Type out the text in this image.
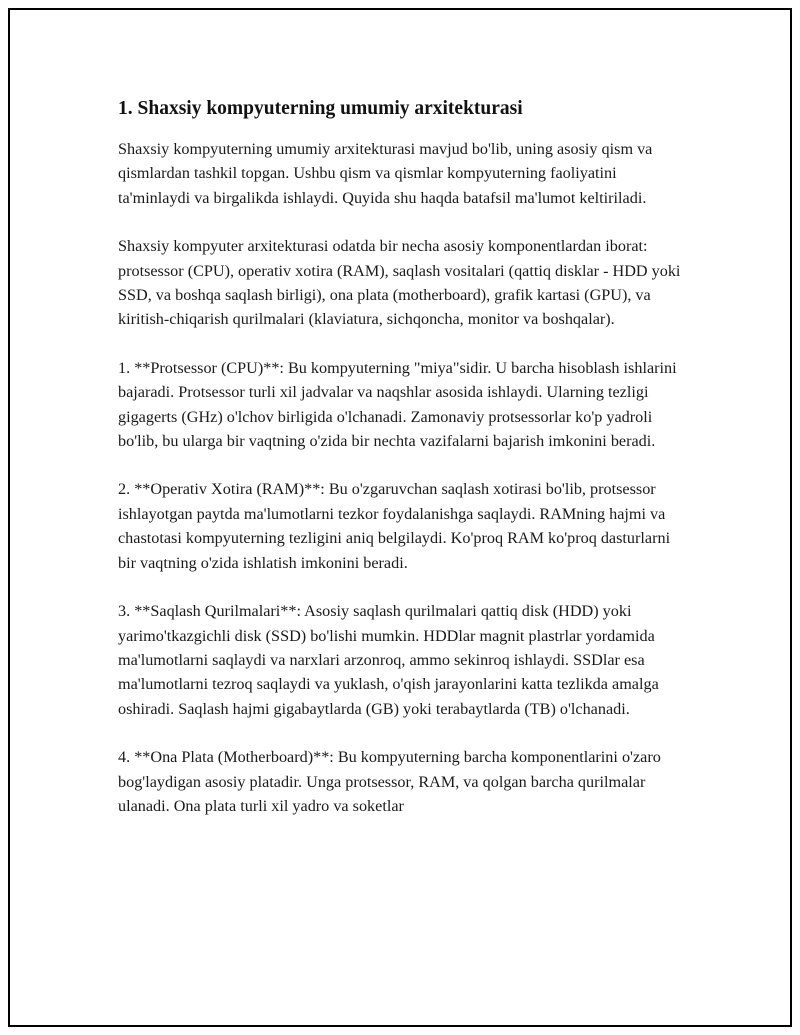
1. Shaxsiy kompyuterning umumiy arxitekturasi

Shaxsiy kompyuterning umumiy arxitekturasi mavjud bo'lib, uning asosiy qism va qismlardan tashkil topgan. Ushbu qism va qismlar kompyuterning faoliyatini ta'minlaydi va birgalikda ishlaydi. Quyida shu haqda batafsil ma'lumot keltiriladi.

Shaxsiy kompyuter arxitekturasi odatda bir necha asosiy komponentlardan iborat: protsessor (CPU), operativ xotira (RAM), saqlash vositalari (qattiq disklar - HDD yoki SSD, va boshqa saqlash birligi), ona plata (motherboard), grafik kartasi (GPU), va kiritish-chiqarish qurilmalari (klaviatura, sichqoncha, monitor va boshqalar).

1. **Protsessor (CPU)**: Bu kompyuterning "miya"sidir. U barcha hisoblash ishlarini bajaradi. Protsessor turli xil jadvalar va naqshlar asosida ishlaydi. Ularning tezligi gigagerts (GHz) o'lchov birligida o'lchanadi. Zamonaviy protsessorlar ko'p yadroli bo'lib, bu ularga bir vaqtning o'zida bir nechta vazifalarni bajarish imkonini beradi.

2. **Operativ Xotira (RAM)**: Bu o'zgaruvchan saqlash xotirasi bo'lib, protsessor ishlayotgan paytda ma'lumotlarni tezkor foydalanishga saqlaydi. RAMning hajmi va chastotasi kompyuterning tezligini aniq belgilaydi. Ko'proq RAM ko'proq dasturlarni bir vaqtning o'zida ishlatish imkonini beradi.

3. **Saqlash Qurilmalari**: Asosiy saqlash qurilmalari qattiq disk (HDD) yoki yarimo'tkazgichli disk (SSD) bo'lishi mumkin. HDDlar magnit plastrlar yordamida ma'lumotlarni saqlaydi va narxlari arzonroq, ammo sekinroq ishlaydi. SSDlar esa ma'lumotlarni tezroq saqlaydi va yuklash, o'qish jarayonlarini katta tezlikda amalga oshiradi. Saqlash hajmi gigabaytlarda (GB) yoki terabaytlarda (TB) o'lchanadi.

4. **Ona Plata (Motherboard)**: Bu kompyuterning barcha komponentlarini o'zaro bog'laydigan asosiy platadir. Unga protsessor, RAM, va qolgan barcha qurilmalar ulanadi. Ona plata turli xil yadro va soketlar
